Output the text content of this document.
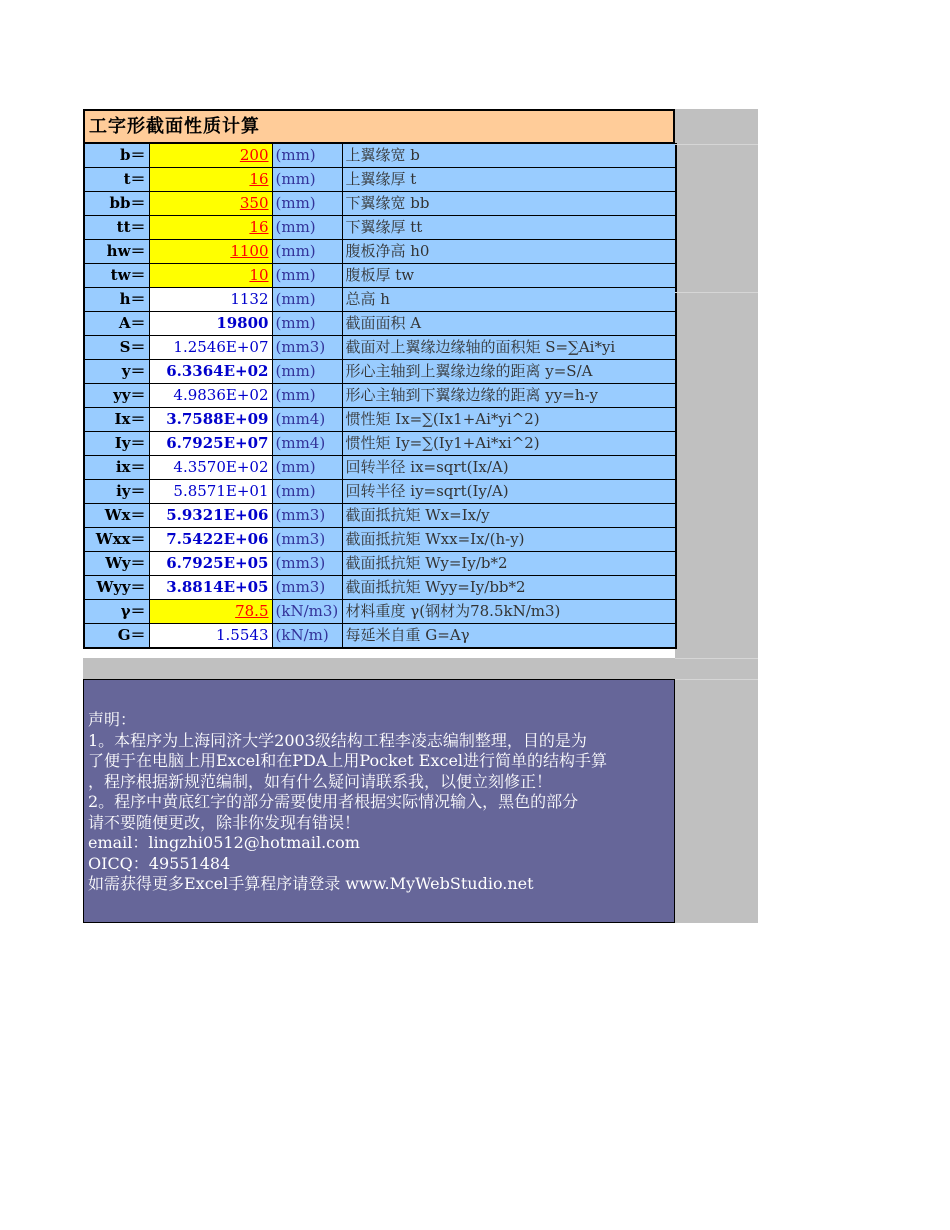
工字形截面性质计算
b＝	200	(mm)	上翼缘宽 b
t＝	16	(mm)	上翼缘厚 t
bb＝	350	(mm)	下翼缘宽 bb
tt＝	16	(mm)	下翼缘厚 tt
hw＝	1100	(mm)	腹板净高 h0
tw＝	10	(mm)	腹板厚 tw
h＝	1132	(mm)	总高 h
A＝	19800	(mm)	截面面积 A
S＝	1.2546E+07	(mm3)	截面对上翼缘边缘轴的面积矩 S=∑Ai*yi
y＝	6.3364E+02	(mm)	形心主轴到上翼缘边缘的距离 y=S/A
yy＝	4.9836E+02	(mm)	形心主轴到下翼缘边缘的距离 yy=h-y
Ix＝	3.7588E+09	(mm4)	惯性矩 Ix=∑(Ix1+Ai*yi^2)
Iy＝	6.7925E+07	(mm4)	惯性矩 Iy=∑(Iy1+Ai*xi^2)
ix＝	4.3570E+02	(mm)	回转半径 ix=sqrt(Ix/A)
iy＝	5.8571E+01	(mm)	回转半径 iy=sqrt(Iy/A)
Wx＝	5.9321E+06	(mm3)	截面抵抗矩 Wx=Ix/y
Wxx＝	7.5422E+06	(mm3)	截面抵抗矩 Wxx=Ix/(h-y)
Wy＝	6.7925E+05	(mm3)	截面抵抗矩 Wy=Iy/b*2
Wyy＝	3.8814E+05	(mm3)	截面抵抗矩 Wyy=Iy/bb*2
γ＝	78.5	(kN/m3)	材料重度 γ(钢材为78.5kN/m3)
G＝	1.5543	(kN/m)	每延米自重 G=Aγ
声明：
1。本程序为上海同济大学2003级结构工程李凌志编制整理，目的是为
了便于在电脑上用Excel和在PDA上用Pocket Excel进行简单的结构手算
，程序根据新规范编制，如有什么疑问请联系我，以便立刻修正！
2。程序中黄底红字的部分需要使用者根据实际情况输入，黑色的部分
请不要随便更改，除非你发现有错误！
email：lingzhi0512@hotmail.com
OICQ：49551484
如需获得更多Excel手算程序请登录 www.MyWebStudio.net
